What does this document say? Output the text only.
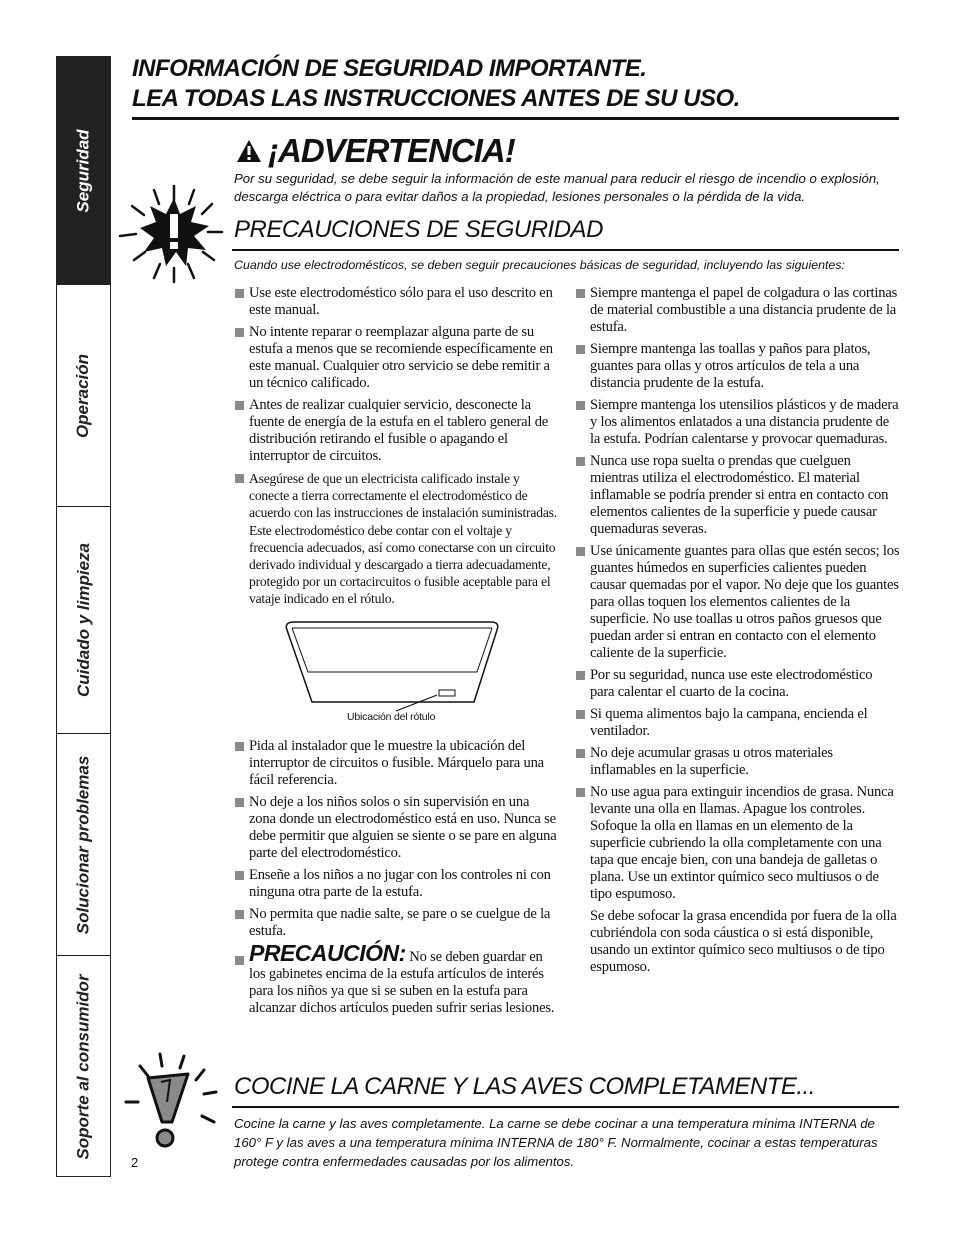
Seguridad
Operación
Cuidado y limpieza
Solucionar problemas
Soporte al consumidor
INFORMACIÓN DE SEGURIDAD IMPORTANTE.
LEA TODAS LAS INSTRUCCIONES ANTES DE SU USO.
¡ADVERTENCIA!
Por su seguridad, se debe seguir la información de este manual para reducir el riesgo de incendio o explosión, descarga eléctrica o para evitar daños a la propiedad, lesiones personales o la pérdida de la vida.
PRECAUCIONES DE SEGURIDAD
Cuando use electrodomésticos, se deben seguir precauciones básicas de seguridad, incluyendo las siguientes:
Use este electrodoméstico sólo para el uso descrito en este manual.
No intente reparar o reemplazar alguna parte de su estufa a menos que se recomiende específicamente en este manual. Cualquier otro servicio se debe remitir a un técnico calificado.
Antes de realizar cualquier servicio, desconecte la fuente de energía de la estufa en el tablero general de distribución retirando el fusible o apagando el interruptor de circuitos.
Asegúrese de que un electricista calificado instale y conecte a tierra correctamente el electrodoméstico de acuerdo con las instrucciones de instalación suministradas. Este electrodoméstico debe contar con el voltaje y frecuencia adecuados, así como conectarse con un circuito derivado individual y descargado a tierra adecuadamente, protegido por un cortacircuitos o fusible aceptable para el vataje indicado en el rótulo.
Ubicación del rótulo
Pida al instalador que le muestre la ubicación del interruptor de circuitos o fusible. Márquelo para una fácil referencia.
No deje a los niños solos o sin supervisión en una zona donde un electrodoméstico está en uso. Nunca se debe permitir que alguien se siente o se pare en alguna parte del electrodoméstico.
Enseñe a los niños a no jugar con los controles ni con ninguna otra parte de la estufa.
No permita que nadie salte, se pare o se cuelgue de la estufa.
PRECAUCIÓN: No se deben guardar en los gabinetes encima de la estufa artículos de interés para los niños ya que si se suben en la estufa para alcanzar dichos artículos pueden sufrir serias lesiones.
Siempre mantenga el papel de colgadura o las cortinas de material combustible a una distancia prudente de la estufa.
Siempre mantenga las toallas y paños para platos, guantes para ollas y otros artículos de tela a una distancia prudente de la estufa.
Siempre mantenga los utensilios plásticos y de madera y los alimentos enlatados a una distancia prudente de la estufa. Podrían calentarse y provocar quemaduras.
Nunca use ropa suelta o prendas que cuelguen mientras utiliza el electrodoméstico. El material inflamable se podría prender si entra en contacto con elementos calientes de la superficie y puede causar quemaduras severas.
Use únicamente guantes para ollas que estén secos; los guantes húmedos en superficies calientes pueden causar quemadas por el vapor. No deje que los guantes para ollas toquen los elementos calientes de la superficie. No use toallas u otros paños gruesos que puedan arder si entran en contacto con el elemento caliente de la superficie.
Por su seguridad, nunca use este electrodoméstico para calentar el cuarto de la cocina.
Si quema alimentos bajo la campana, encienda el ventilador.
No deje acumular grasas u otros materiales inflamables en la superficie.
No use agua para extinguir incendios de grasa. Nunca levante una olla en llamas. Apague los controles. Sofoque la olla en llamas en un elemento de la superficie cubriendo la olla completamente con una tapa que encaje bien, con una bandeja de galletas o plana. Use un extintor químico seco multiusos o de tipo espumoso.
Se debe sofocar la grasa encendida por fuera de la olla cubriéndola con soda cáustica o si está disponible, usando un extintor químico seco multiusos o de tipo espumoso.
COCINE LA CARNE Y LAS AVES COMPLETAMENTE...
Cocine la carne y las aves completamente. La carne se debe cocinar a una temperatura mínima INTERNA de 160° F y las aves a una temperatura mínima INTERNA de 180° F. Normalmente, cocinar a estas temperaturas protege contra enfermedades causadas por los alimentos.
2
